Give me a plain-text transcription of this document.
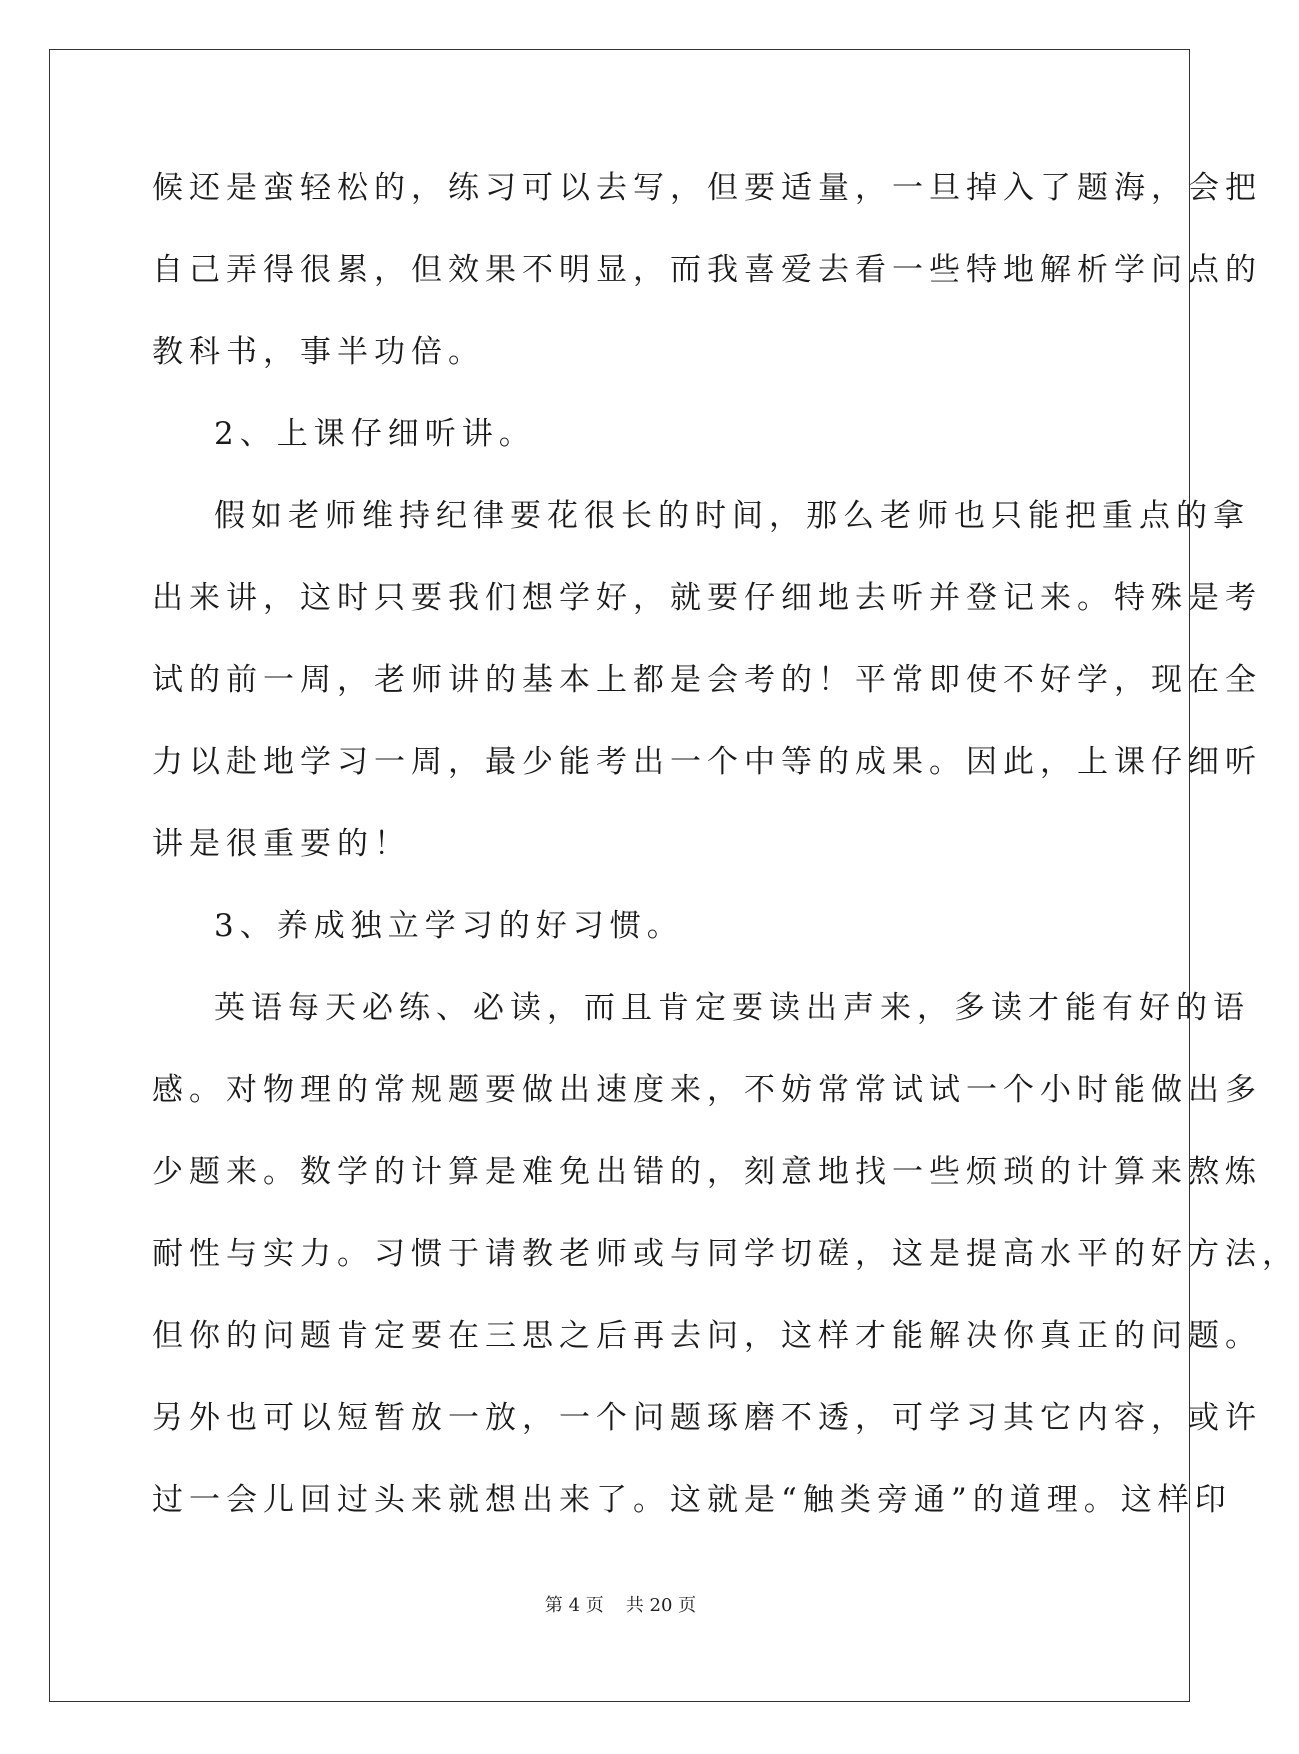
候还是蛮轻松的，练习可以去写，但要适量，一旦掉入了题海，会把
自己弄得很累，但效果不明显，而我喜爱去看一些特地解析学问点的
教科书，事半功倍。
2、上课仔细听讲。
假如老师维持纪律要花很长的时间，那么老师也只能把重点的拿
出来讲，这时只要我们想学好，就要仔细地去听并登记来。特殊是考
试的前一周，老师讲的基本上都是会考的！平常即使不好学，现在全
力以赴地学习一周，最少能考出一个中等的成果。因此，上课仔细听
讲是很重要的！
3、养成独立学习的好习惯。
英语每天必练、必读，而且肯定要读出声来，多读才能有好的语
感。对物理的常规题要做出速度来，不妨常常试试一个小时能做出多
少题来。数学的计算是难免出错的，刻意地找一些烦琐的计算来熬炼
耐性与实力。习惯于请教老师或与同学切磋，这是提高水平的好方法，
但你的问题肯定要在三思之后再去问，这样才能解决你真正的问题。
另外也可以短暂放一放，一个问题琢磨不透，可学习其它内容，或许
过一会儿回过头来就想出来了。这就是“触类旁通”的道理。这样印
第 4 页 共 20 页
